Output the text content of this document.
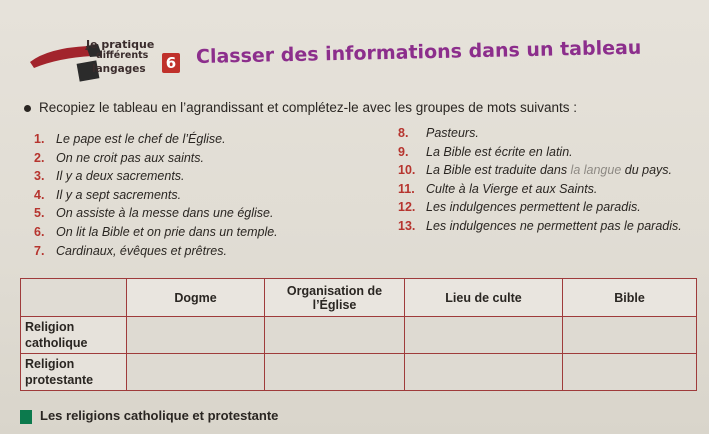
Je pratique
différents
langages 6 Classer des informations dans un tableau
Recopiez le tableau en l’agrandissant et complétez-le avec les groupes de mots suivants :
1. Le pape est le chef de l’Église.
2. On ne croit pas aux saints.
3. Il y a deux sacrements.
4. Il y a sept sacrements.
5. On assiste à la messe dans une église.
6. On lit la Bible et on prie dans un temple.
7. Cardinaux, évêques et prêtres.
8. Pasteurs.
9. La Bible est écrite en latin.
10. La Bible est traduite dans la langue du pays.
11. Culte à la Vierge et aux Saints.
12. Les indulgences permettent le paradis.
13. Les indulgences ne permettent pas le paradis.
	Dogme	Organisation de l’Église	Lieu de culte	Bible
Religion
catholique				
Religion
protestante				
Les religions catholique et protestante
